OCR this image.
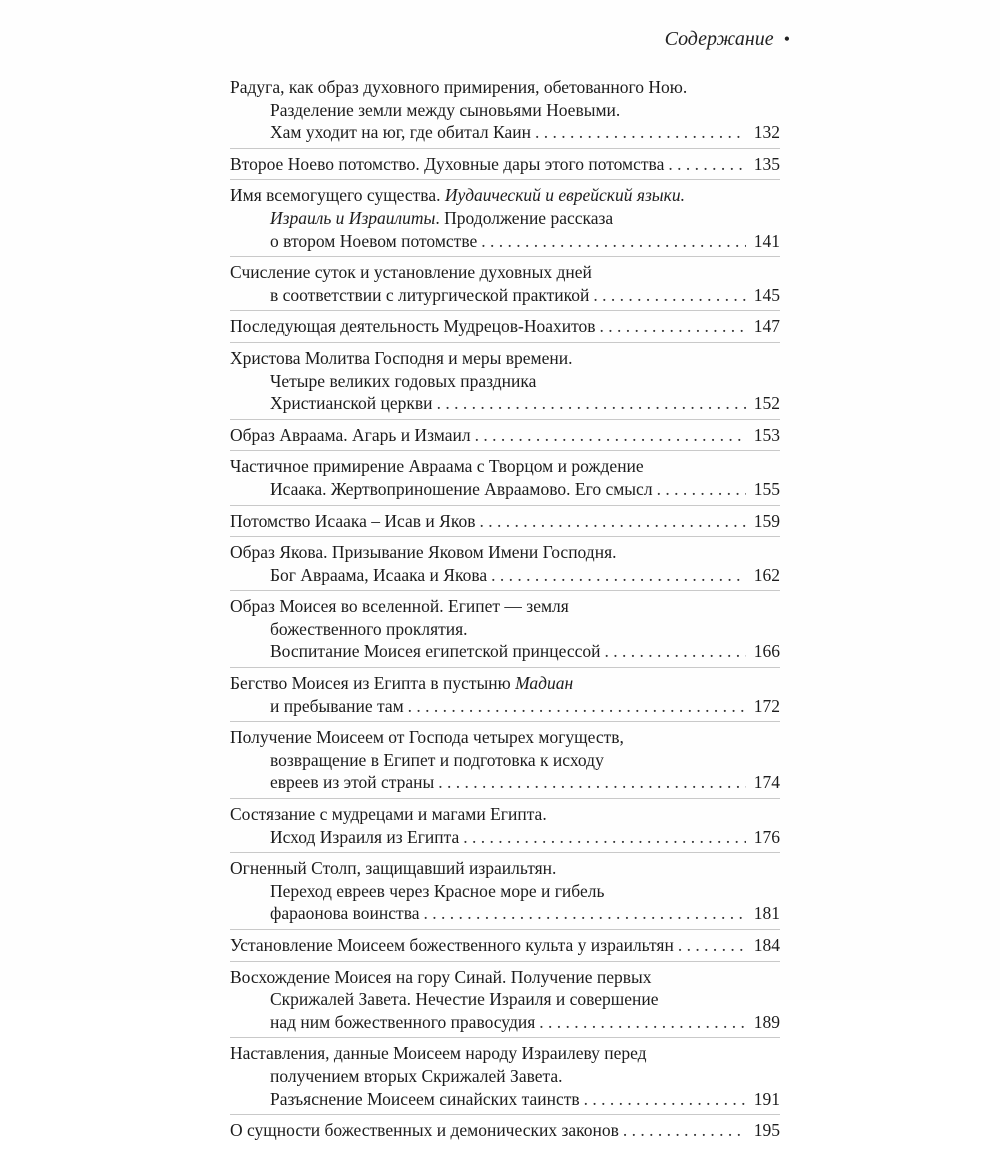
Содержание •
Радуга, как образ духовного примирения, обетованного Ною.
Разделение земли между сыновьями Ноевыми.
Хам уходит на юг, где обитал Каин . . .	132
Второе Ноево потомство. Духовные дары этого потомства . . .	135
Имя всемогущего существа. Иудаический и еврейский языки.
Израиль и Израилиты. Продолжение рассказа
о втором Ноевом потомстве . . .	141
Счисление суток и установление духовных дней
в соответствии с литургической практикой . . .	145
Последующая деятельность Мудрецов-Ноахитов . . .	147
Христова Молитва Господня и меры времени.
Четыре великих годовых праздника
Христианской церкви . . .	152
Образ Авраама. Агарь и Измаил . . .	153
Частичное примирение Авраама с Творцом и рождение
Исаака. Жертвоприношение Авраамово. Его смысл . . .	155
Потомство Исаака – Исав и Яков . . .	159
Образ Якова. Призывание Яковом Имени Господня.
Бог Авраама, Исаака и Якова . . .	162
Образ Моисея во вселенной. Египет — земля
божественного проклятия.
Воспитание Моисея египетской принцессой . . .	166
Бегство Моисея из Египта в пустыню Мадиан
и пребывание там . . .	172
Получение Моисеем от Господа четырех могуществ,
возвращение в Египет и подготовка к исходу
евреев из этой страны . . .	174
Состязание с мудрецами и магами Египта.
Исход Израиля из Египта . . .	176
Огненный Столп, защищавший израильтян.
Переход евреев через Красное море и гибель
фараонова воинства . . .	181
Установление Моисеем божественного культа у израильтян . . .	184
Восхождение Моисея на гору Синай. Получение первых
Скрижалей Завета. Нечестие Израиля и совершение
над ним божественного правосудия . . .	189
Наставления, данные Моисеем народу Израилеву перед
получением вторых Скрижалей Завета.
Разъяснение Моисеем синайских таинств . . .	191
О сущности божественных и демонических законов . . .	195
